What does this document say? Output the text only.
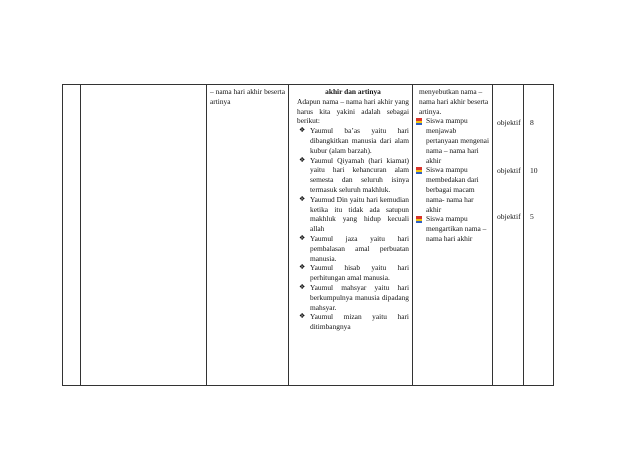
– nama hari akhir beserta artinya

akhir dan artinya

Adapun nama – nama hari akhir yang harus kita yakini adalah sebagai berikut:

❖ Yaumul ba’as yaitu hari dibangkitkan manusia dari alam kubur (alam barzah).
❖ Yaumul Qiyamah (hari kiamat) yaitu hari kehancuran alam semesta dan seluruh isinya termasuk seluruh makhluk.
❖ Yaumud Din yaitu hari kemudian ketika itu tidak ada satupun makhluk yang hidup kecuali allah
❖ Yaumul jaza yaitu hari pembalasan amal perbuatan manusia.
❖ Yaumul hisab yaitu hari perhitungan amal manusia.
❖ Yaumul mahsyar yaitu hari berkumpulnya manusia dipadang mahsyar.
❖ Yaumul mizan yaitu hari ditimbangnya

menyebutkan nama – nama hari akhir beserta artinya.

Siswa mampu menjawab pertanyaan mengenai nama – nama hari akhir

Siswa mampu membedakan dari berbagai macam nama- nama har akhir

Siswa mampu mengartikan nama – nama hari akhir

objektif 8
objektif 10
objektif 5
